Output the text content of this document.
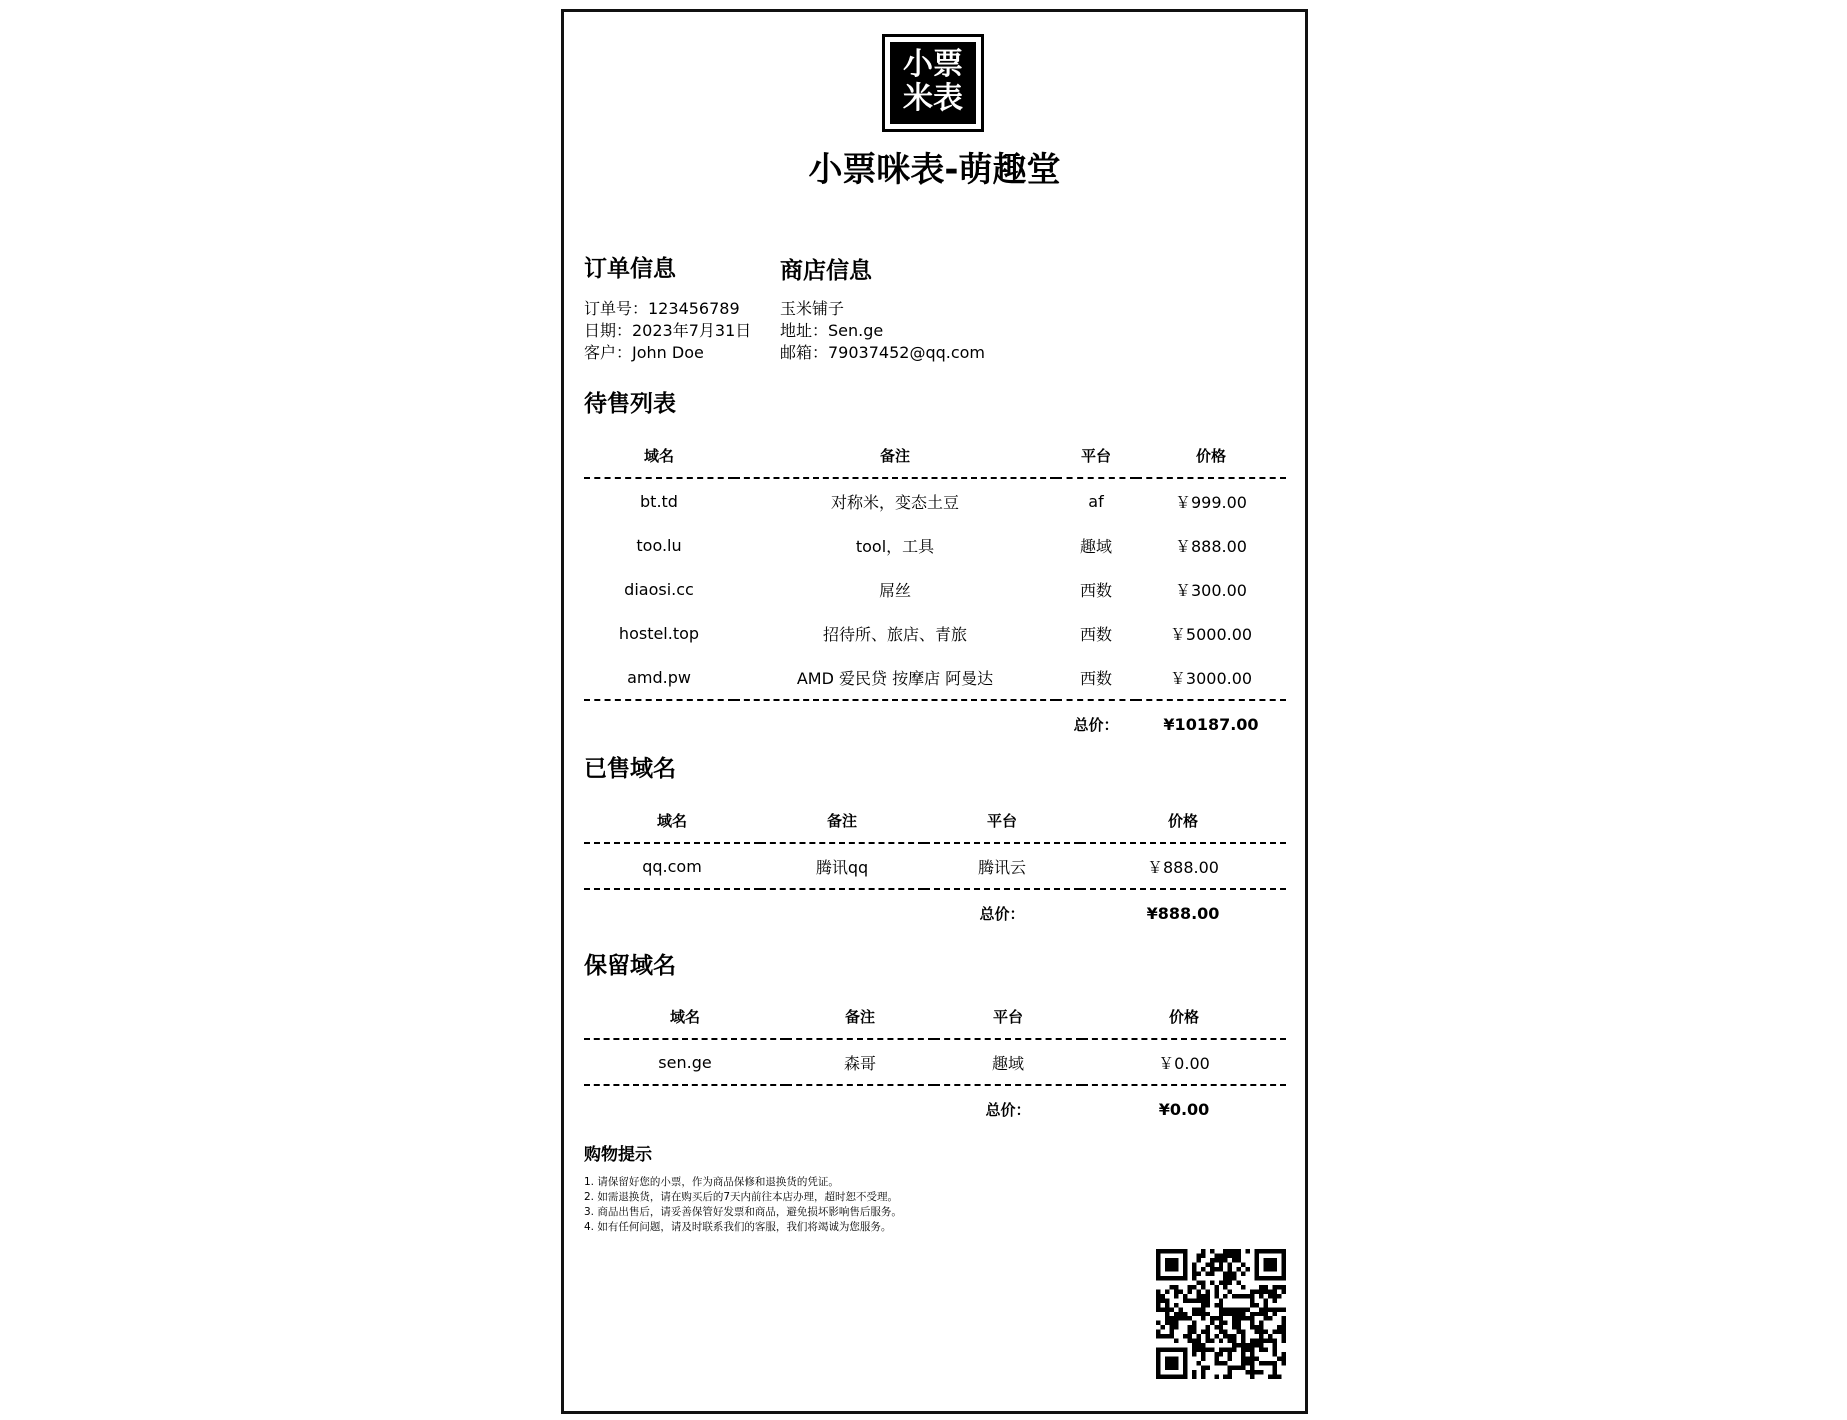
小票
米表
小票咪表-萌趣堂
订单信息
订单号：123456789
日期：2023年7月31日
客户：John Doe
商店信息
玉米铺子
地址：Sen.ge
邮箱：79037452@qq.com
待售列表
域名	备注	平台	价格
bt.td	对称米，变态土豆	af	￥999.00
too.lu	tool，工具	趣域	￥888.00
diaosi.cc	屌丝	西数	￥300.00
hostel.top	招待所、旅店、青旅	西数	￥5000.00
amd.pw	AMD 爱民贷 按摩店 阿曼达	西数	￥3000.00
		总价：	¥10187.00
已售域名
域名	备注	平台	价格
qq.com	腾讯qq	腾讯云	￥888.00
		总价：	¥888.00
保留域名
域名	备注	平台	价格
sen.ge	森哥	趣域	￥0.00
		总价：	¥0.00
购物提示
1. 请保留好您的小票，作为商品保修和退换货的凭证。
2. 如需退换货，请在购买后的7天内前往本店办理，超时恕不受理。
3. 商品出售后，请妥善保管好发票和商品，避免损坏影响售后服务。
4. 如有任何问题，请及时联系我们的客服，我们将竭诚为您服务。
